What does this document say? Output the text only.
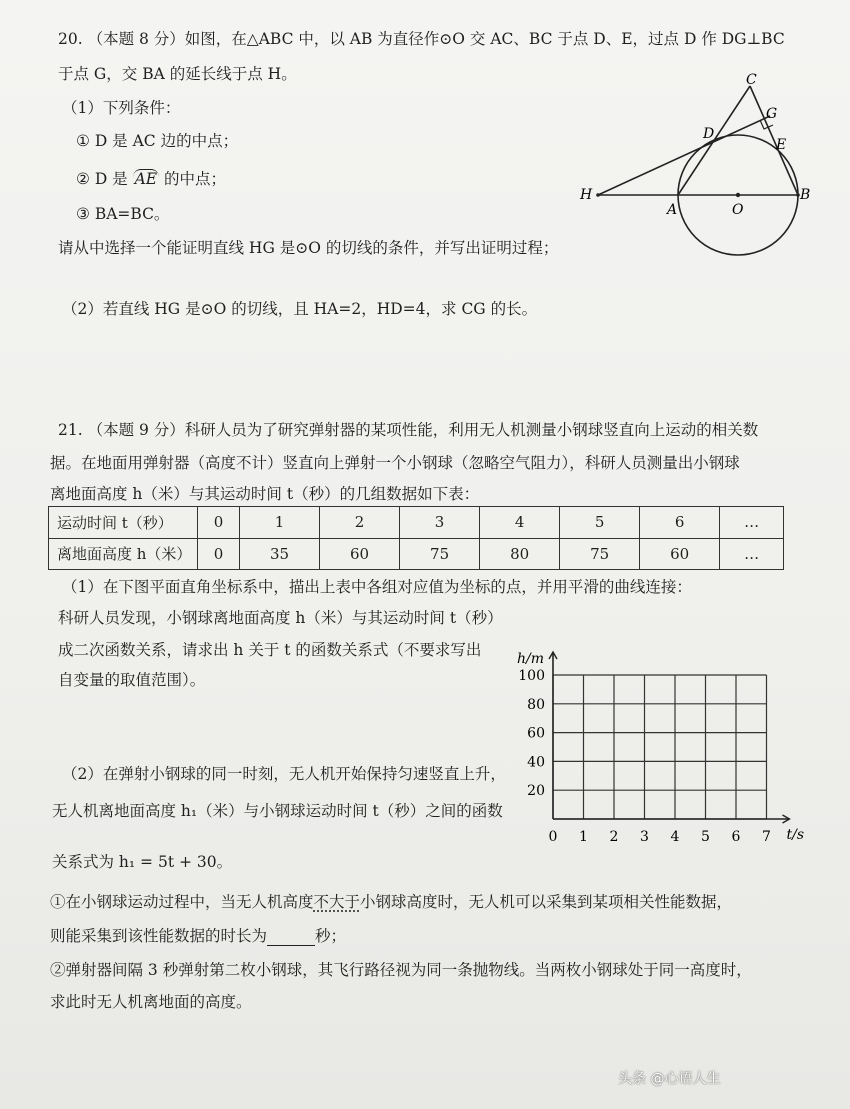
20. （本题 8 分）如图，在△ABC 中，以 AB 为直径作⊙O 交 AC、BC 于点 D、E，过点 D 作 DG⊥BC
于点 G，交 BA 的延长线于点 H。
（1）下列条件：
① D 是 AC 边的中点；
② D 是 AE 的中点；
③ BA=BC。
请从中选择一个能证明直线 HG 是⊙O 的切线的条件，并写出证明过程；
（2）若直线 HG 是⊙O 的切线，且 HA=2，HD=4，求 CG 的长。
C
G
D
E
H
A	O
B
21. （本题 9 分）科研人员为了研究弹射器的某项性能，利用无人机测量小钢球竖直向上运动的相关数
据。在地面用弹射器（高度不计）竖直向上弹射一个小钢球（忽略空气阻力），科研人员测量出小钢球
离地面高度 h（米）与其运动时间 t（秒）的几组数据如下表：
运动时间 t（秒）	0	1	2	3	4	5	6	…
离地面高度 h（米）	0	35	60	75	80	75	60	…
（1）在下图平面直角坐标系中，描出上表中各组对应值为坐标的点，并用平滑的曲线连接：
科研人员发现，小钢球离地面高度 h（米）与其运动时间 t（秒）
成二次函数关系，请求出 h 关于 t 的函数关系式（不要求写出
自变量的取值范围）。
（2）在弹射小钢球的同一时刻，无人机开始保持匀速竖直上升，
无人机离地面高度 h₁（米）与小钢球运动时间 t（秒）之间的函数
关系式为 h₁ = 5t + 30。
①在小钢球运动过程中，当无人机高度不大于小钢球高度时，无人机可以采集到某项相关性能数据，
则能采集到该性能数据的时长为	秒；
②弹射器间隔 3 秒弹射第二枚小钢球，其飞行路径视为同一条抛物线。当两枚小钢球处于同一高度时，
求此时无人机离地面的高度。
20
40
60
80
100
0 1 2 3 4 5 6 7
h/m
t/s
头条 @心语人生
